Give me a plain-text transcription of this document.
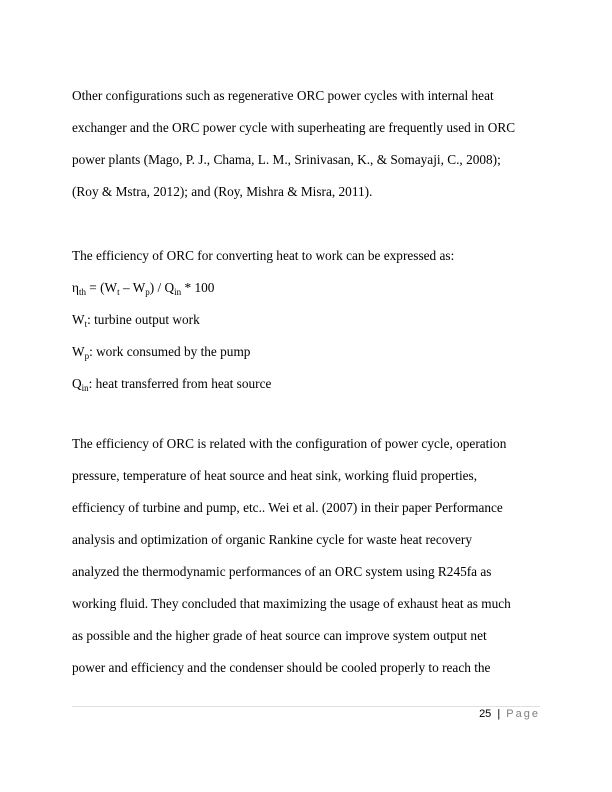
Other configurations such as regenerative ORC power cycles with internal heat
exchanger and the ORC power cycle with superheating are frequently used in ORC
power plants (Mago, P. J., Chama, L. M., Srinivasan, K., & Somayaji, C., 2008);
(Roy & Mstra, 2012); and (Roy, Mishra & Misra, 2011).
The efficiency of ORC for converting heat to work can be expressed as:
$\eta_{th} = (W_t - W_p) / Q_{in} * 100$
$W_t$: turbine output work
$W_p$: work consumed by the pump
$Q_{in}$: heat transferred from heat source
The efficiency of ORC is related with the configuration of power cycle, operation
pressure, temperature of heat source and heat sink, working fluid properties,
efficiency of turbine and pump, etc.. Wei et al. (2007) in their paper Performance
analysis and optimization of organic Rankine cycle for waste heat recovery
analyzed the thermodynamic performances of an ORC system using R245fa as
working fluid. They concluded that maximizing the usage of exhaust heat as much
as possible and the higher grade of heat source can improve system output net
power and efficiency and the condenser should be cooled properly to reach the
25 | Page
